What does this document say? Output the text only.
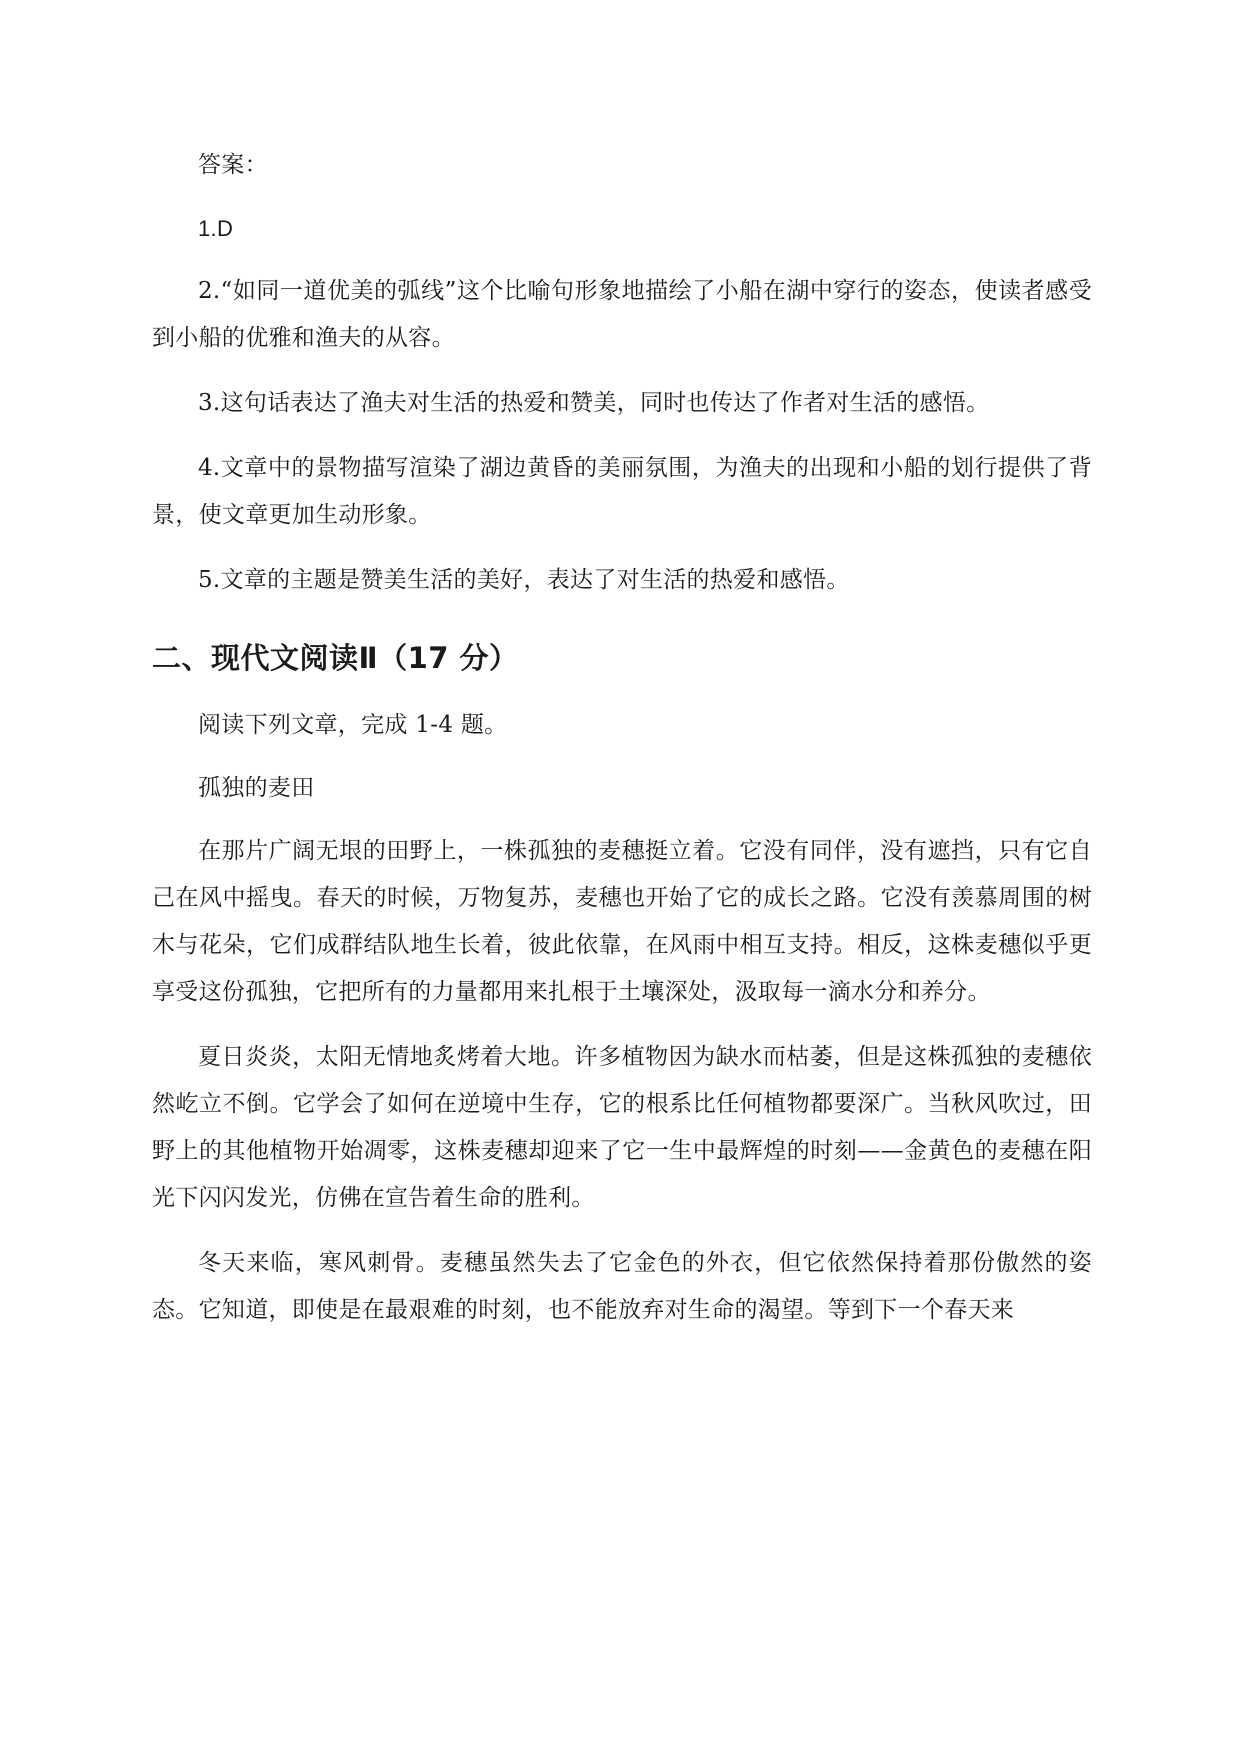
答案：

1.D

2.“如同一道优美的弧线”这个比喻句形象地描绘了小船在湖中穿行的姿态，使读者感受到小船的优雅和渔夫的从容。

3.这句话表达了渔夫对生活的热爱和赞美，同时也传达了作者对生活的感悟。

4.文章中的景物描写渲染了湖边黄昏的美丽氛围，为渔夫的出现和小船的划行提供了背景，使文章更加生动形象。

5.文章的主题是赞美生活的美好，表达了对生活的热爱和感悟。

二、现代文阅读Ⅱ（17 分）

阅读下列文章，完成 1-4 题。

孤独的麦田

在那片广阔无垠的田野上，一株孤独的麦穗挺立着。它没有同伴，没有遮挡，只有它自己在风中摇曳。春天的时候，万物复苏，麦穗也开始了它的成长之路。它没有羡慕周围的树木与花朵，它们成群结队地生长着，彼此依靠，在风雨中相互支持。相反，这株麦穗似乎更享受这份孤独，它把所有的力量都用来扎根于土壤深处，汲取每一滴水分和养分。

夏日炎炎，太阳无情地炙烤着大地。许多植物因为缺水而枯萎，但是这株孤独的麦穗依然屹立不倒。它学会了如何在逆境中生存，它的根系比任何植物都要深广。当秋风吹过，田野上的其他植物开始凋零，这株麦穗却迎来了它一生中最辉煌的时刻——金黄色的麦穗在阳光下闪闪发光，仿佛在宣告着生命的胜利。

冬天来临，寒风刺骨。麦穗虽然失去了它金色的外衣，但它依然保持着那份傲然的姿态。它知道，即使是在最艰难的时刻，也不能放弃对生命的渴望。等到下一个春天来
